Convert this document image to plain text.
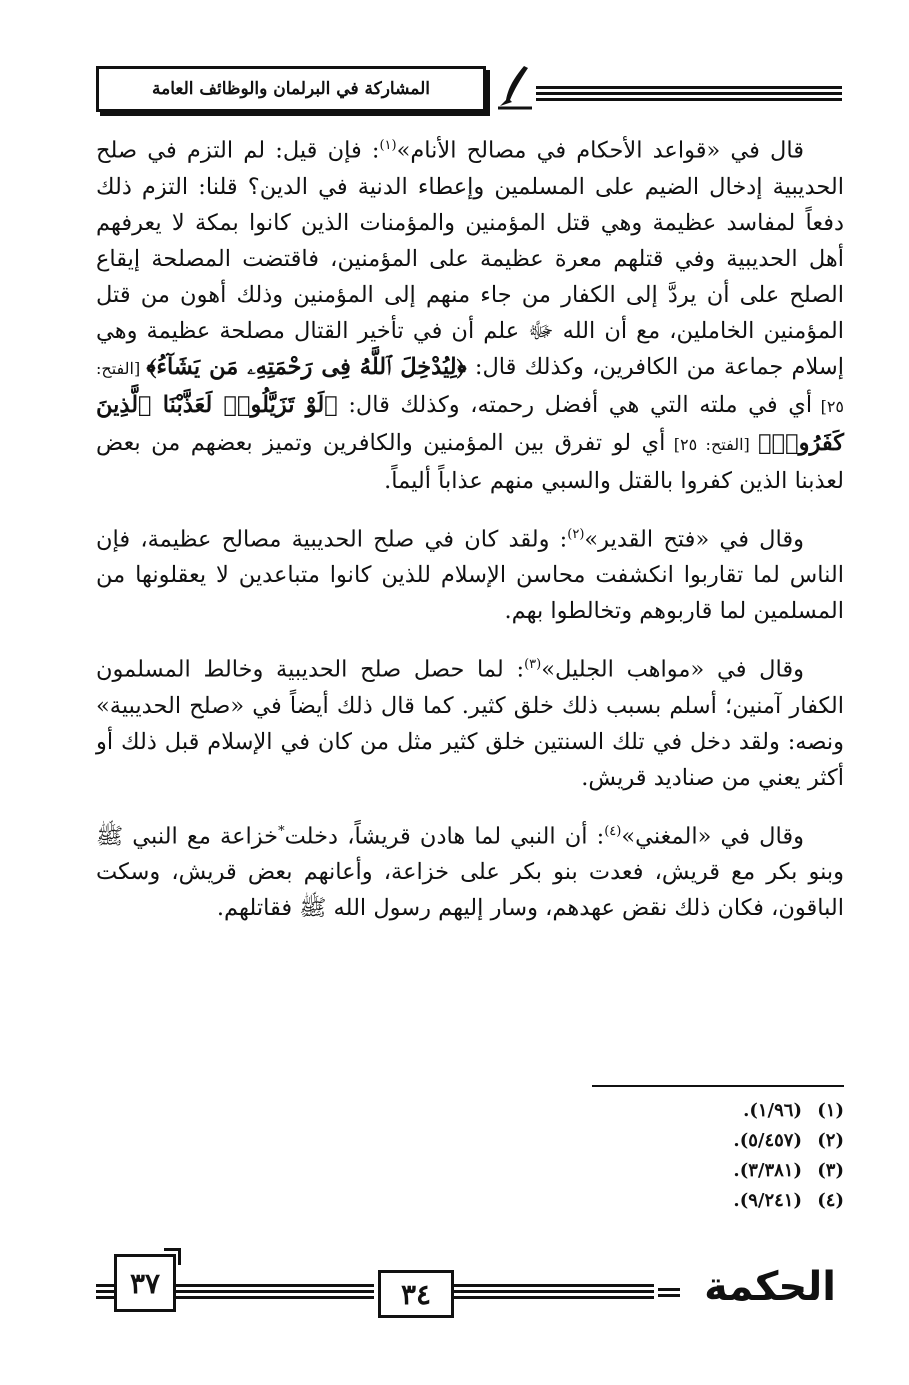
المشاركة في البرلمان والوظائف العامة

قال في «قواعد الأحكام في مصالح الأنام»$^{(١)}$: فإن قيل: لم التزم في صلح الحديبية إدخال الضيم على المسلمين وإعطاء الدنية في الدين؟ قلنا: التزم ذلك دفعاً لمفاسد عظيمة وهي قتل المؤمنين والمؤمنات الذين كانوا بمكة لا يعرفهم أهل الحديبية وفي قتلهم معرة عظيمة على المؤمنين، فاقتضت المصلحة إيقاع الصلح على أن يردَّ إلى الكفار من جاء منهم إلى المؤمنين وذلك أهون من قتل المؤمنين الخاملين، مع أن الله ﷻ علم أن في تأخير القتال مصلحة عظيمة وهي إسلام جماعة من الكافرين، وكذلك قال: ﴿لِيُدْخِلَ ٱللَّهُ فِى رَحْمَتِهِۦ مَن يَشَآءُ﴾ [الفتح: ٢٥] أي في ملته التي هي أفضل رحمته، وكذلك قال: ﴿لَوْ تَزَيَّلُوا۟ لَعَذَّبْنَا ٱلَّذِينَ كَفَرُوا۟﴾ [الفتح: ٢٥] أي لو تفرق بين المؤمنين والكافرين وتميز بعضهم من بعض لعذبنا الذين كفروا بالقتل والسبي منهم عذاباً أليماً.

وقال في «فتح القدير»$^{(٢)}$: ولقد كان في صلح الحديبية مصالح عظيمة، فإن الناس لما تقاربوا انكشفت محاسن الإسلام للذين كانوا متباعدين لا يعقلونها من المسلمين لما قاربوهم وتخالطوا بهم.

وقال في «مواهب الجليل»$^{(٣)}$: لما حصل صلح الحديبية وخالط المسلمون الكفار آمنين؛ أسلم بسبب ذلك خلق كثير. كما قال ذلك أيضاً في «صلح الحديبية» ونصه: ولقد دخل في تلك السنتين خلق كثير مثل من كان في الإسلام قبل ذلك أو أكثر يعني من صناديد قريش.

وقال في «المغني»$^{(٤)}$: أن النبي لما هادن قريشاً، دخلت*خزاعة مع النبي ﷺ وبنو بكر مع قريش، فعدت بنو بكر على خزاعة، وأعانهم بعض قريش، وسكت الباقون، فكان ذلك نقض عهدهم، وسار إليهم رسول الله ﷺ فقاتلهم.

(١)(١/٩٦).
(٢)(٥/٤٥٧).
(٣)(٣/٣٨١).
(٤)(٩/٢٤١).
٣٧	٣٤	الحكمة
